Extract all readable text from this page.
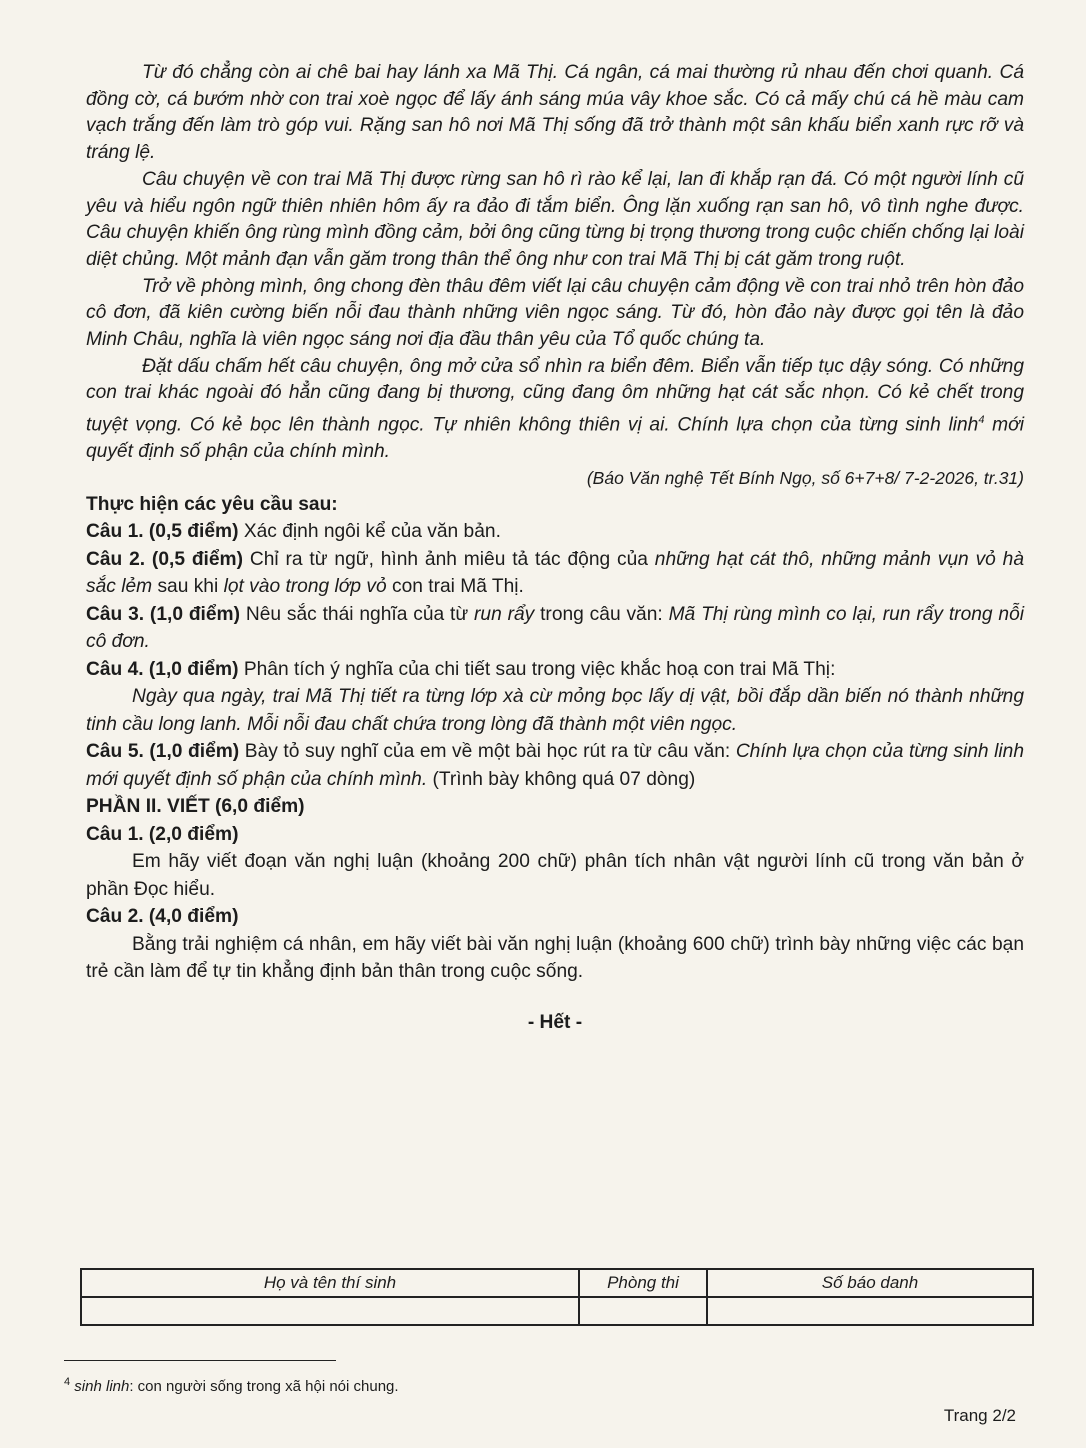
Từ đó chẳng còn ai chê bai hay lánh xa Mã Thị. Cá ngân, cá mai thường rủ nhau đến chơi quanh. Cá đồng cờ, cá bướm nhờ con trai xoè ngọc để lấy ánh sáng múa vây khoe sắc. Có cả mấy chú cá hề màu cam vạch trắng đến làm trò góp vui. Rặng san hô nơi Mã Thị sống đã trở thành một sân khấu biển xanh rực rỡ và tráng lệ.

Câu chuyện về con trai Mã Thị được rừng san hô rì rào kể lại, lan đi khắp rạn đá. Có một người lính cũ yêu và hiểu ngôn ngữ thiên nhiên hôm ấy ra đảo đi tắm biển. Ông lặn xuống rạn san hô, vô tình nghe được. Câu chuyện khiến ông rùng mình đồng cảm, bởi ông cũng từng bị trọng thương trong cuộc chiến chống lại loài diệt chủng. Một mảnh đạn vẫn găm trong thân thể ông như con trai Mã Thị bị cát găm trong ruột.

Trở về phòng mình, ông chong đèn thâu đêm viết lại câu chuyện cảm động về con trai nhỏ trên hòn đảo cô đơn, đã kiên cường biến nỗi đau thành những viên ngọc sáng. Từ đó, hòn đảo này được gọi tên là đảo Minh Châu, nghĩa là viên ngọc sáng nơi địa đầu thân yêu của Tổ quốc chúng ta.

Đặt dấu chấm hết câu chuyện, ông mở cửa sổ nhìn ra biển đêm. Biển vẫn tiếp tục dậy sóng. Có những con trai khác ngoài đó hẳn cũng đang bị thương, cũng đang ôm những hạt cát sắc nhọn. Có kẻ chết trong tuyệt vọng. Có kẻ bọc lên thành ngọc. Tự nhiên không thiên vị ai. Chính lựa chọn của từng sinh linh$^4$ mới quyết định số phận của chính mình.

(Báo Văn nghệ Tết Bính Ngọ, số 6+7+8/ 7-2-2026, tr.31)

Thực hiện các yêu cầu sau:

Câu 1. (0,5 điểm) Xác định ngôi kể của văn bản.

Câu 2. (0,5 điểm) Chỉ ra từ ngữ, hình ảnh miêu tả tác động của những hạt cát thô, những mảnh vụn vỏ hà sắc lẻm sau khi lọt vào trong lớp vỏ con trai Mã Thị.

Câu 3. (1,0 điểm) Nêu sắc thái nghĩa của từ run rẩy trong câu văn: Mã Thị rùng mình co lại, run rẩy trong nỗi cô đơn.

Câu 4. (1,0 điểm) Phân tích ý nghĩa của chi tiết sau trong việc khắc hoạ con trai Mã Thị:

Ngày qua ngày, trai Mã Thị tiết ra từng lớp xà cừ mỏng bọc lấy dị vật, bồi đắp dần biến nó thành những tinh cầu long lanh. Mỗi nỗi đau chất chứa trong lòng đã thành một viên ngọc.

Câu 5. (1,0 điểm) Bày tỏ suy nghĩ của em về một bài học rút ra từ câu văn: Chính lựa chọn của từng sinh linh mới quyết định số phận của chính mình. (Trình bày không quá 07 dòng)

PHẦN II. VIẾT (6,0 điểm)

Câu 1. (2,0 điểm)

Em hãy viết đoạn văn nghị luận (khoảng 200 chữ) phân tích nhân vật người lính cũ trong văn bản ở phần Đọc hiểu.

Câu 2. (4,0 điểm)

Bằng trải nghiệm cá nhân, em hãy viết bài văn nghị luận (khoảng 600 chữ) trình bày những việc các bạn trẻ cần làm để tự tin khẳng định bản thân trong cuộc sống.

- Hết -

Họ và tên thí sinh	Phòng thi	Số báo danh

$^4$ sinh linh: con người sống trong xã hội nói chung.
Trang 2/2
